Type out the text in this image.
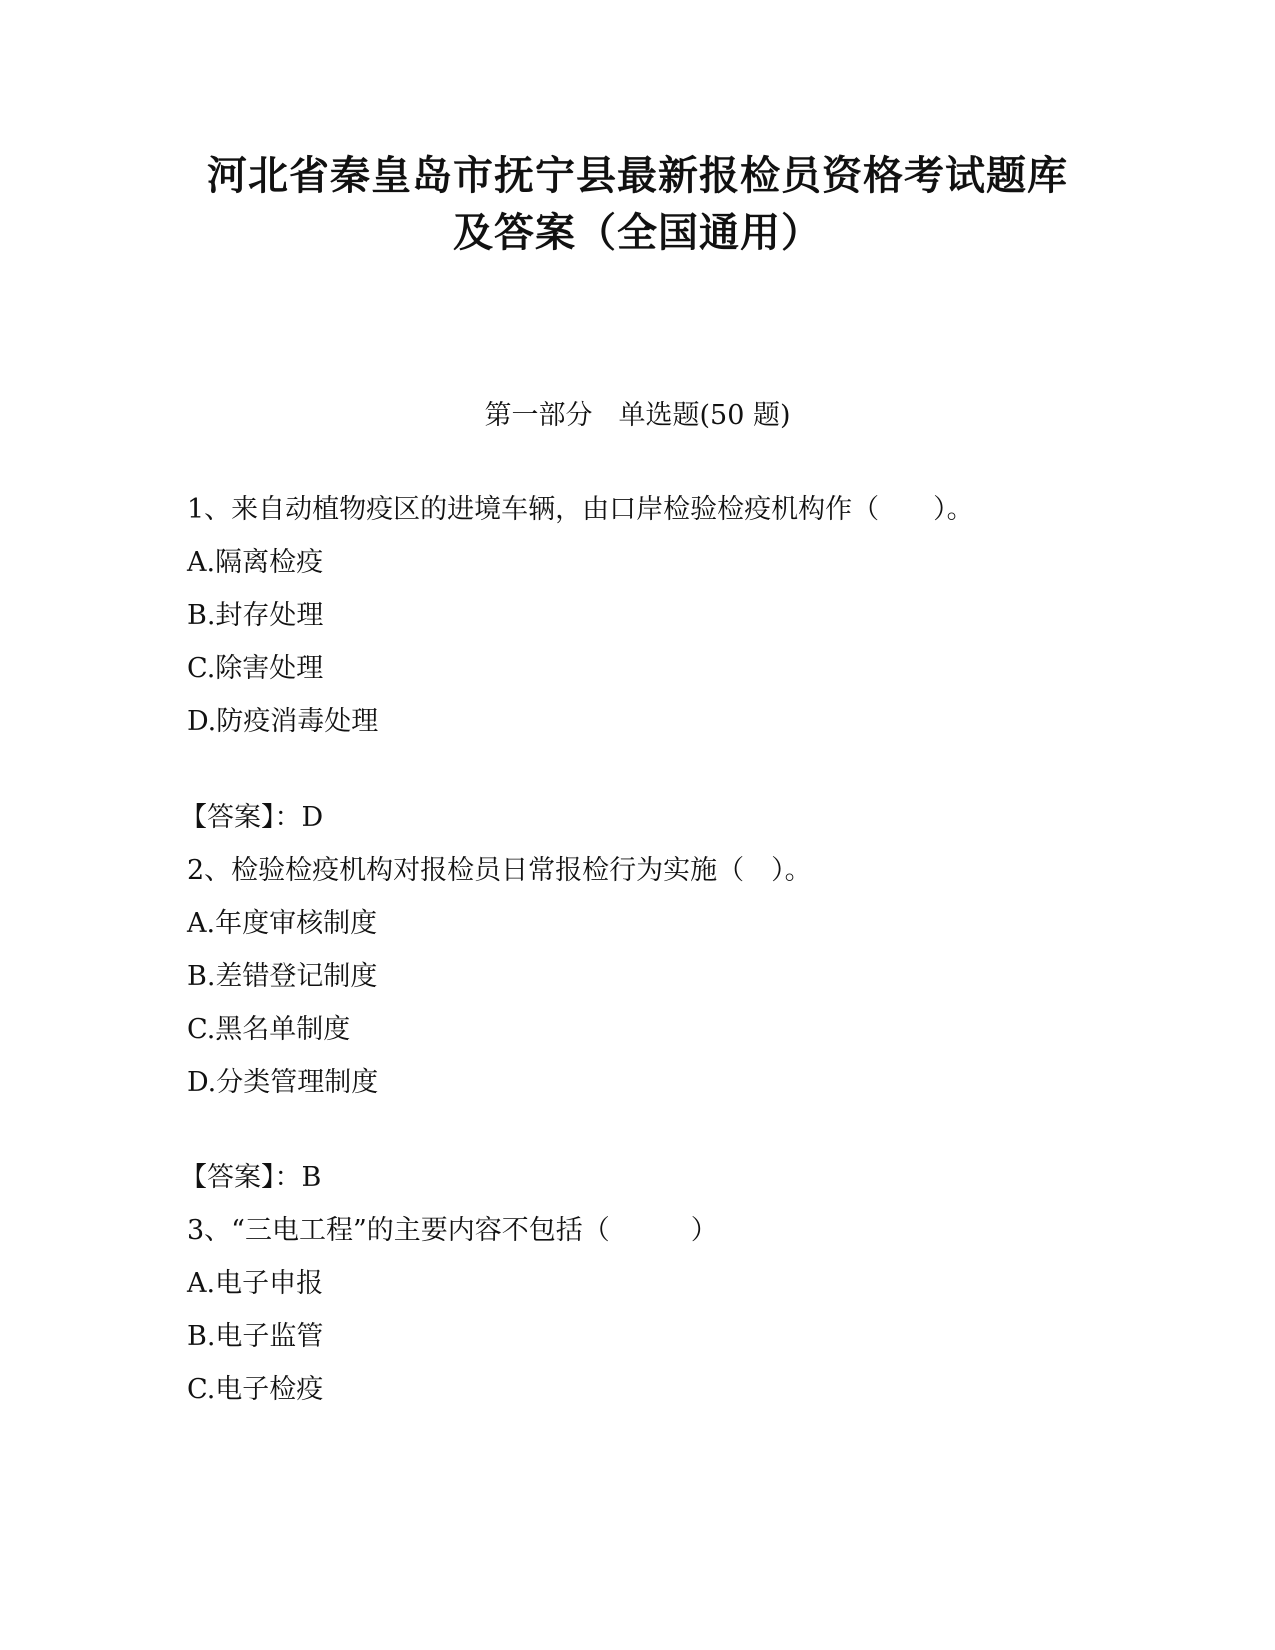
河北省秦皇岛市抚宁县最新报检员资格考试题库
及答案（全国通用）
第一部分 单选题(50 题)
1、来自动植物疫区的进境车辆，由口岸检验检疫机构作（　　）。
A.隔离检疫
B.封存处理
C.除害处理
D.防疫消毒处理
【答案】：D
2、检验检疫机构对报检员日常报检行为实施（　）。
A.年度审核制度
B.差错登记制度
C.黑名单制度
D.分类管理制度
【答案】：B
3、“三电工程”的主要内容不包括（　　　）
A.电子申报
B.电子监管
C.电子检疫
